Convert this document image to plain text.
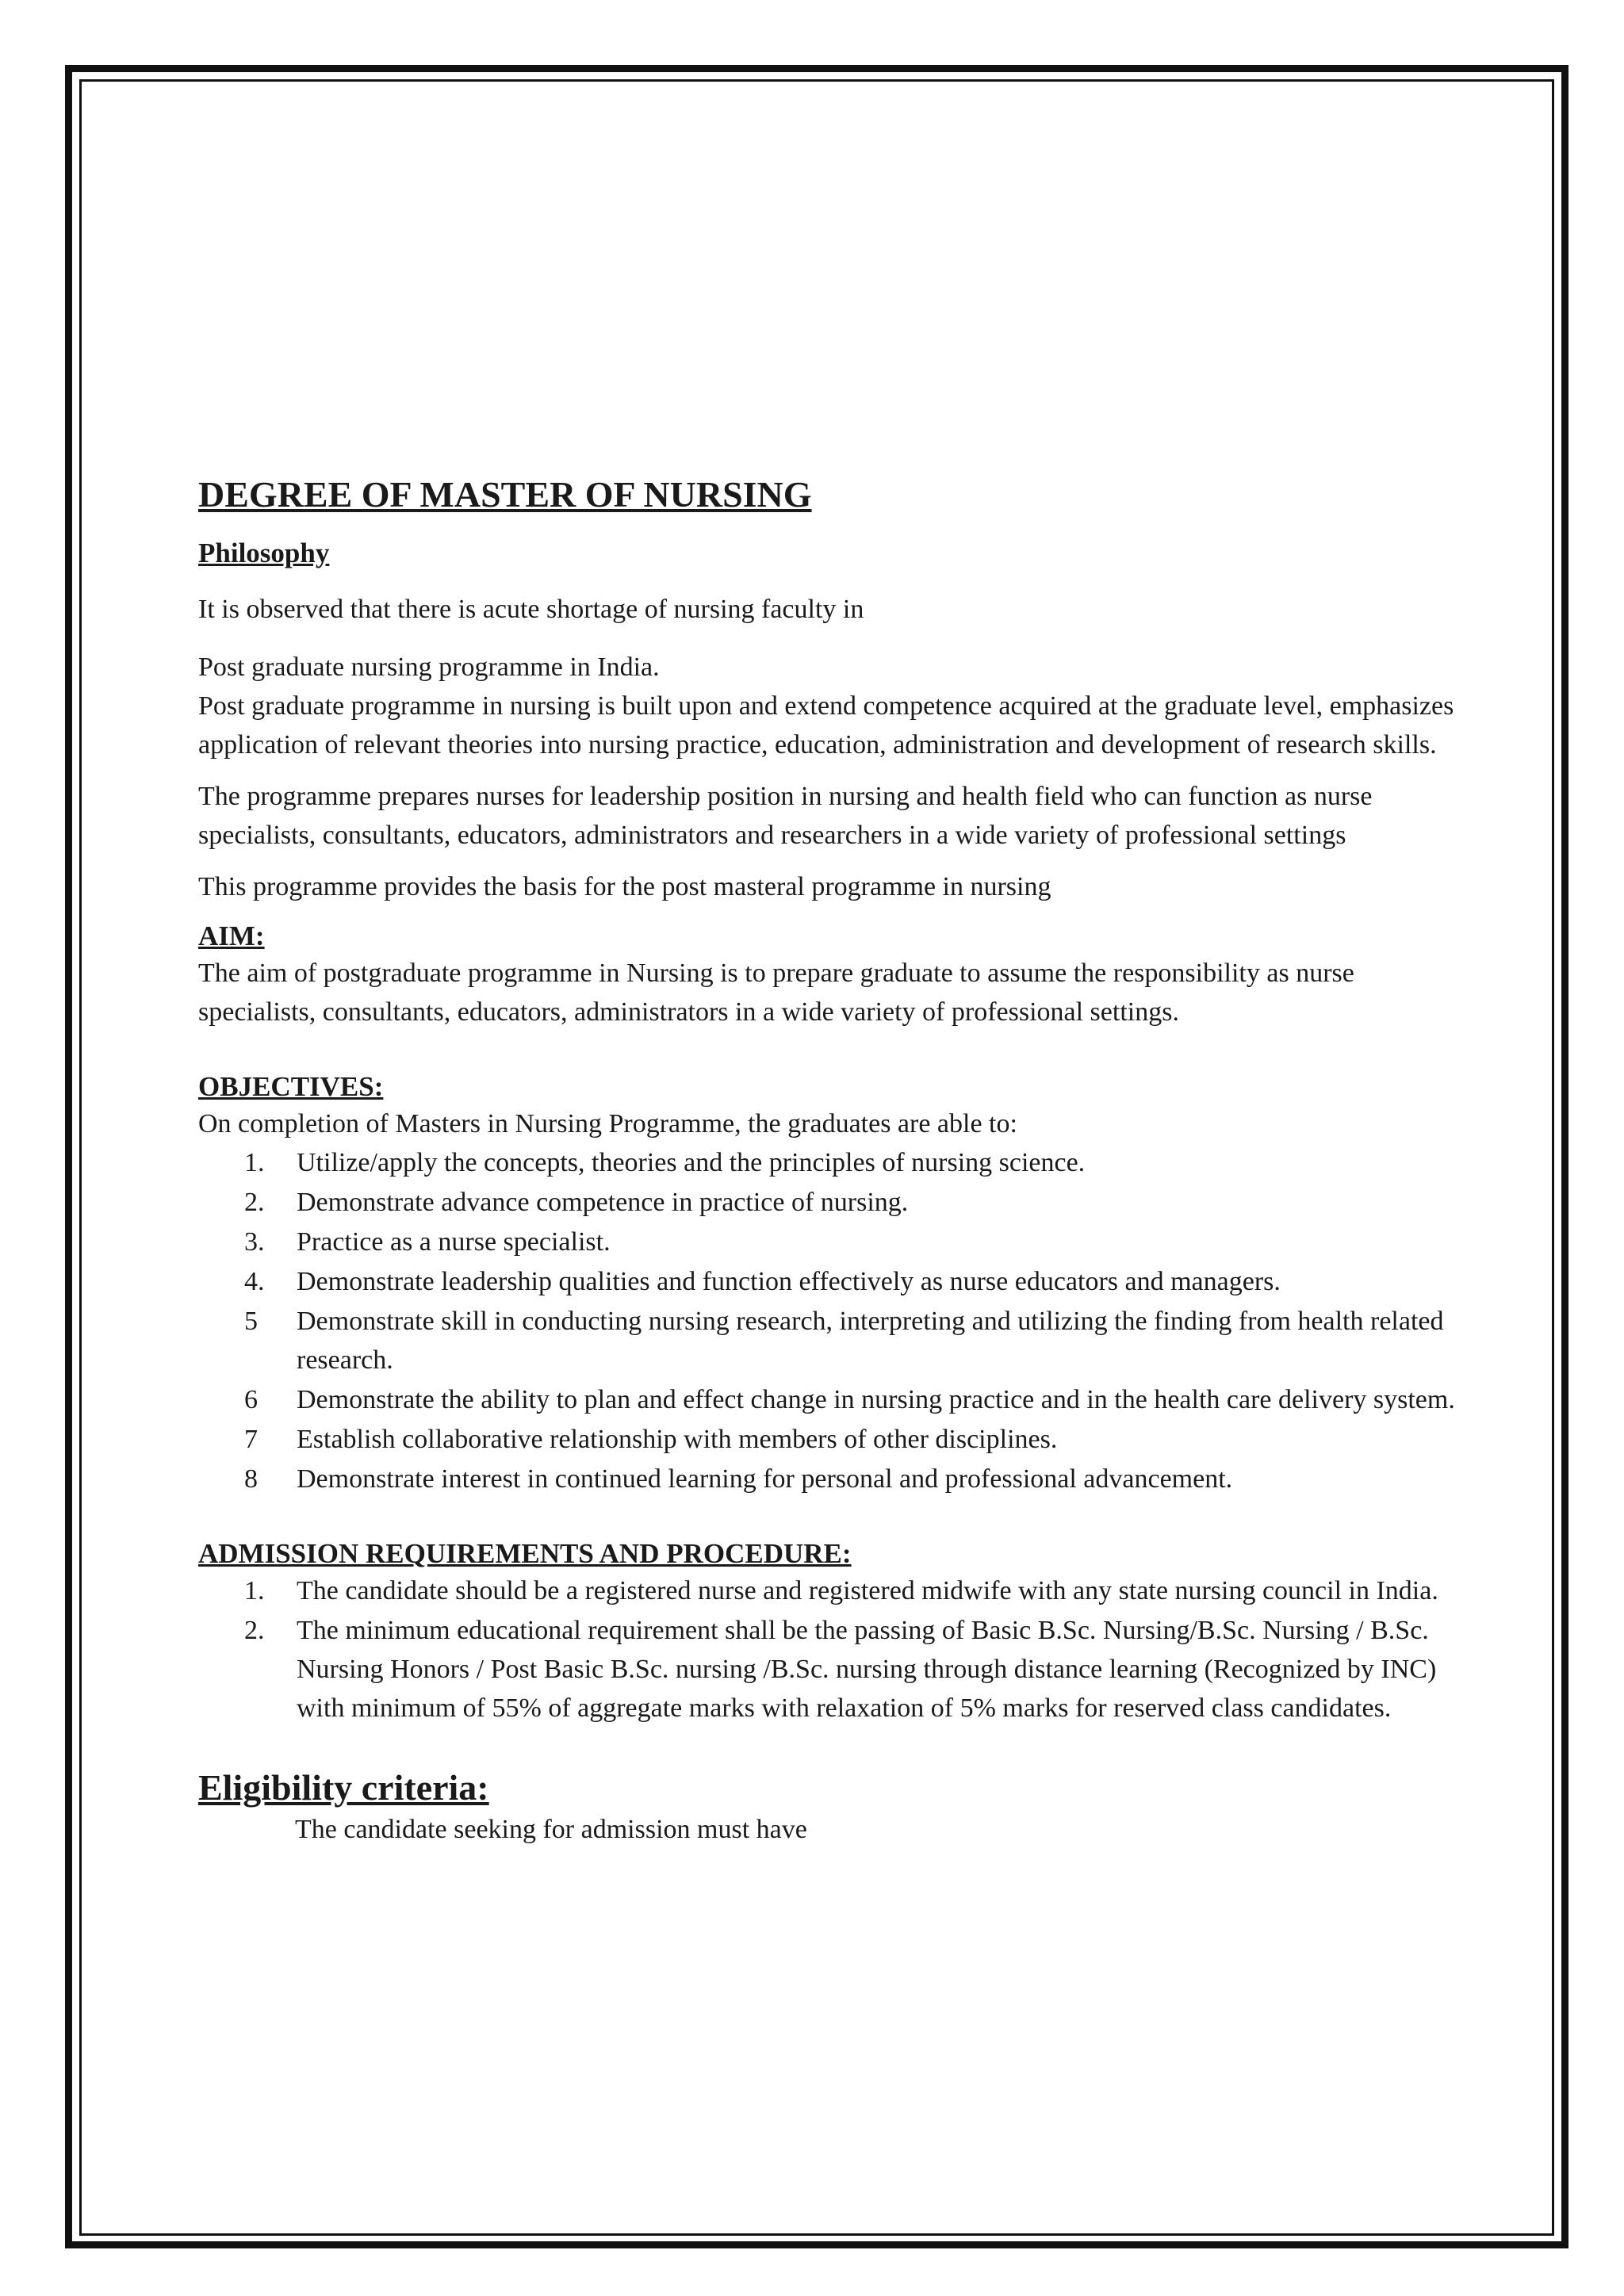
DEGREE OF MASTER OF NURSING
Philosophy

It is observed that there is acute shortage of nursing faculty in

Post graduate nursing programme in India.

Post graduate programme in nursing is built upon and extend competence acquired at the graduate level, emphasizes application of relevant theories into nursing practice, education, administration and development of research skills.

The programme prepares nurses for leadership position in nursing and health field who can function as nurse specialists, consultants, educators, administrators and researchers in a wide variety of professional settings

This programme provides the basis for the post masteral programme in nursing

AIM:

The aim of postgraduate programme in Nursing is to prepare graduate to assume the responsibility as nurse specialists, consultants, educators, administrators in a wide variety of professional settings.

OBJECTIVES:

On completion of Masters in Nursing Programme, the graduates are able to:

1.	Utilize/apply the concepts, theories and the principles of nursing science.
2.	Demonstrate advance competence in practice of nursing.
3.	Practice as a nurse specialist.
4.	Demonstrate leadership qualities and function effectively as nurse educators and managers.
5	Demonstrate skill in conducting nursing research, interpreting and utilizing the finding from health related research.
6	Demonstrate the ability to plan and effect change in nursing practice and in the health care delivery system.
7	Establish collaborative relationship with members of other disciplines.
8	Demonstrate interest in continued learning for personal and professional advancement.
ADMISSION REQUIREMENTS AND PROCEDURE:
1.	The candidate should be a registered nurse and registered midwife with any state nursing council in India.
2.	The minimum educational requirement shall be the passing of Basic B.Sc. Nursing/B.Sc. Nursing / B.Sc. Nursing Honors / Post Basic B.Sc. nursing /B.Sc. nursing through distance learning (Recognized by INC) with minimum of 55% of aggregate marks with relaxation of 5% marks for reserved class candidates.
Eligibility criteria:

The candidate seeking for admission must have
